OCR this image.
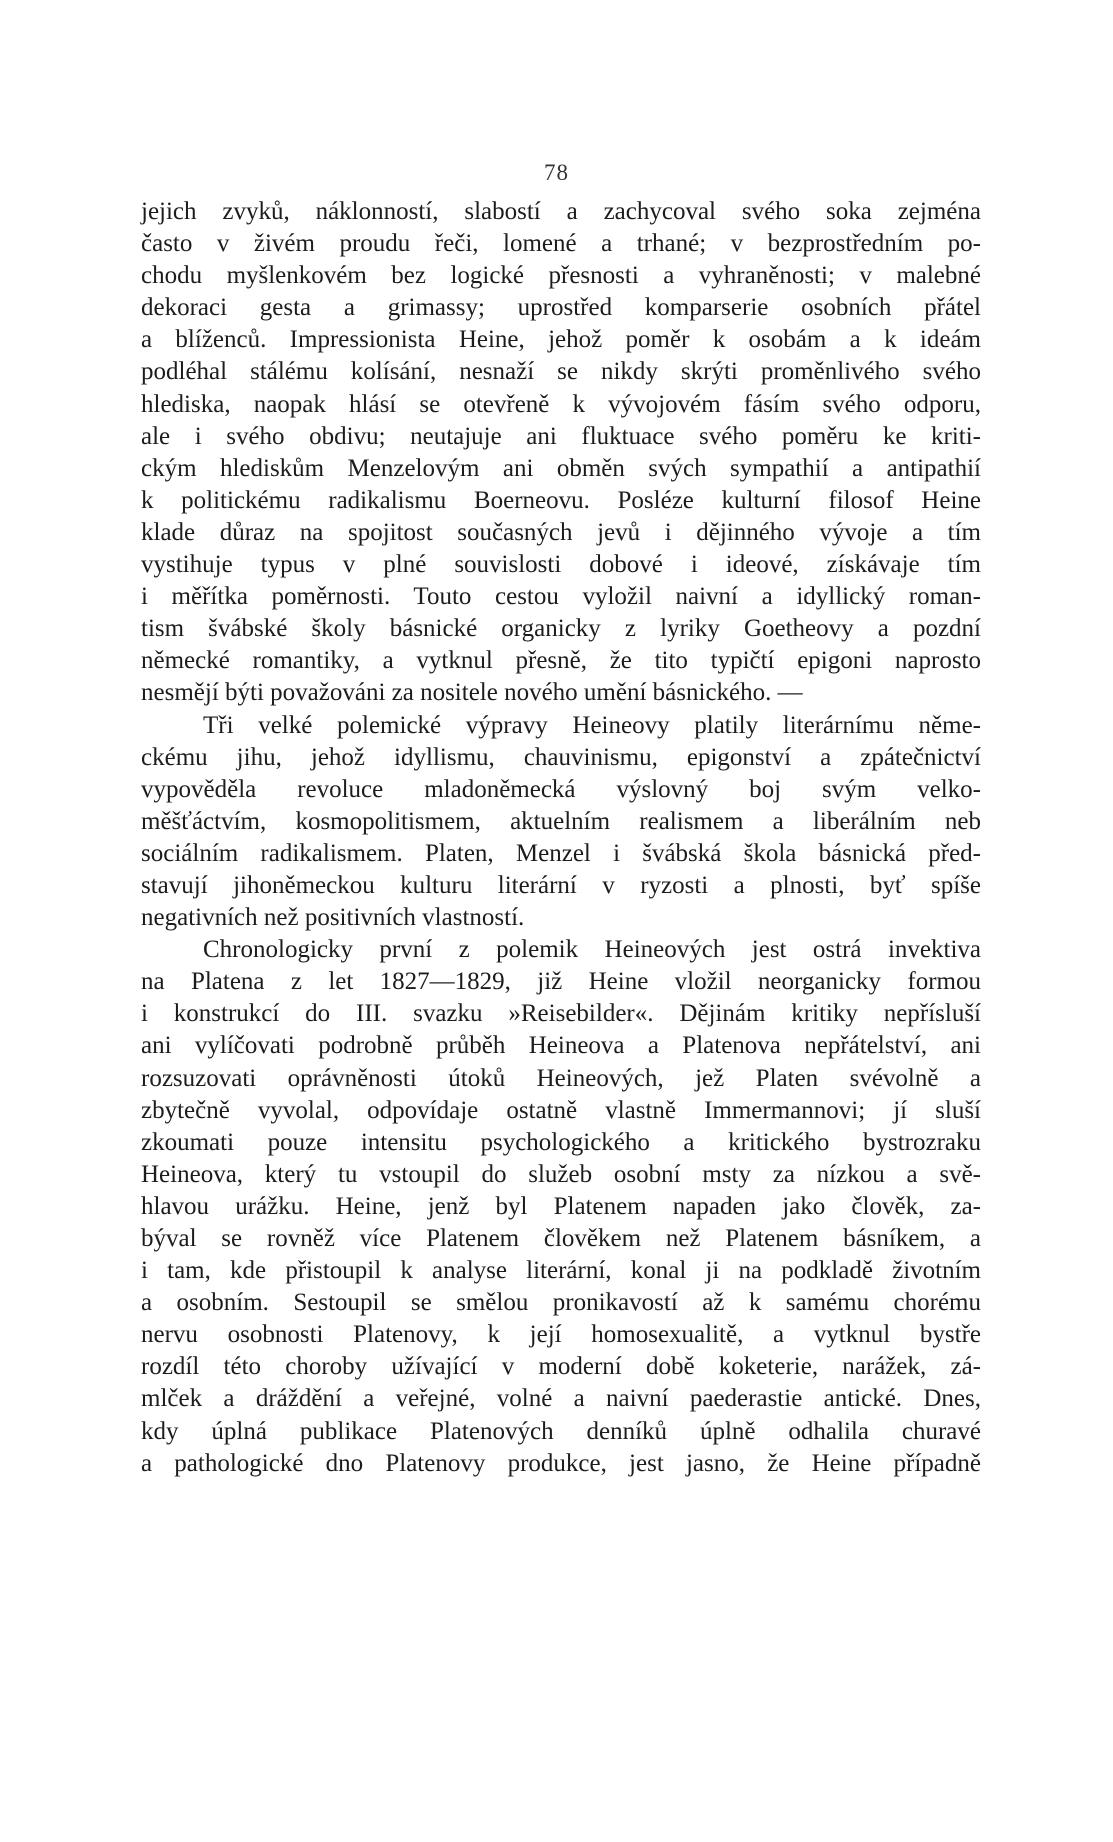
78
jejich zvyků, náklonností, slabostí a zachycoval svého soka zejména
často v živém proudu řeči, lomené a trhané; v bezprostředním po-
chodu myšlenkovém bez logické přesnosti a vyhraněnosti; v malebné
dekoraci gesta a grimassy; uprostřed komparserie osobních přátel
a blíženců. Impressionista Heine, jehož poměr k osobám a k ideám
podléhal stálému kolísání, nesnaží se nikdy skrýti proměnlivého svého
hlediska, naopak hlásí se otevřeně k vývojovém fásím svého odporu,
ale i svého obdivu; neutajuje ani fluktuace svého poměru ke kriti-
ckým hlediskům Menzelovým ani obměn svých sympathií a antipathií
k politickému radikalismu Boerneovu. Posléze kulturní filosof Heine
klade důraz na spojitost současných jevů i dějinného vývoje a tím
vystihuje typus v plné souvislosti dobové i ideové, získávaje tím
i měřítka poměrnosti. Touto cestou vyložil naivní a idyllický roman-
tism švábské školy básnické organicky z lyriky Goetheovy a pozdní
německé romantiky, a vytknul přesně, že tito typičtí epigoni naprosto
nesmějí býti považováni za nositele nového umění básnického. —
Tři velké polemické výpravy Heineovy platily literárnímu něme-
ckému jihu, jehož idyllismu, chauvinismu, epigonství a zpátečnictví
vypověděla revoluce mladoněmecká výslovný boj svým velko-
měšťáctvím, kosmopolitismem, aktuelním realismem a liberálním neb
sociálním radikalismem. Platen, Menzel i švábská škola básnická před-
stavují jihoněmeckou kulturu literární v ryzosti a plnosti, byť spíše
negativních než positivních vlastností.
Chronologicky první z polemik Heineových jest ostrá invektiva
na Platena z let 1827—1829, již Heine vložil neorganicky formou
i konstrukcí do III. svazku »Reisebilder«. Dějinám kritiky nepřísluší
ani vylíčovati podrobně průběh Heineova a Platenova nepřátelství, ani
rozsuzovati oprávněnosti útoků Heineových, jež Platen svévolně a
zbytečně vyvolal, odpovídaje ostatně vlastně Immermannovi; jí sluší
zkoumati pouze intensitu psychologického a kritického bystrozraku
Heineova, který tu vstoupil do služeb osobní msty za nízkou a svě-
hlavou urážku. Heine, jenž byl Platenem napaden jako člověk, za-
býval se rovněž více Platenem člověkem než Platenem básníkem, a
i tam, kde přistoupil k analyse literární, konal ji na podkladě životním
a osobním. Sestoupil se smělou pronikavostí až k samému chorému
nervu osobnosti Platenovy, k její homosexualitě, a vytknul bystře
rozdíl této choroby užívající v moderní době koketerie, narážek, zá-
mlček a dráždění a veřejné, volné a naivní paederastie antické. Dnes,
kdy úplná publikace Platenových denníků úplně odhalila churavé
a pathologické dno Platenovy produkce, jest jasno, že Heine případně
